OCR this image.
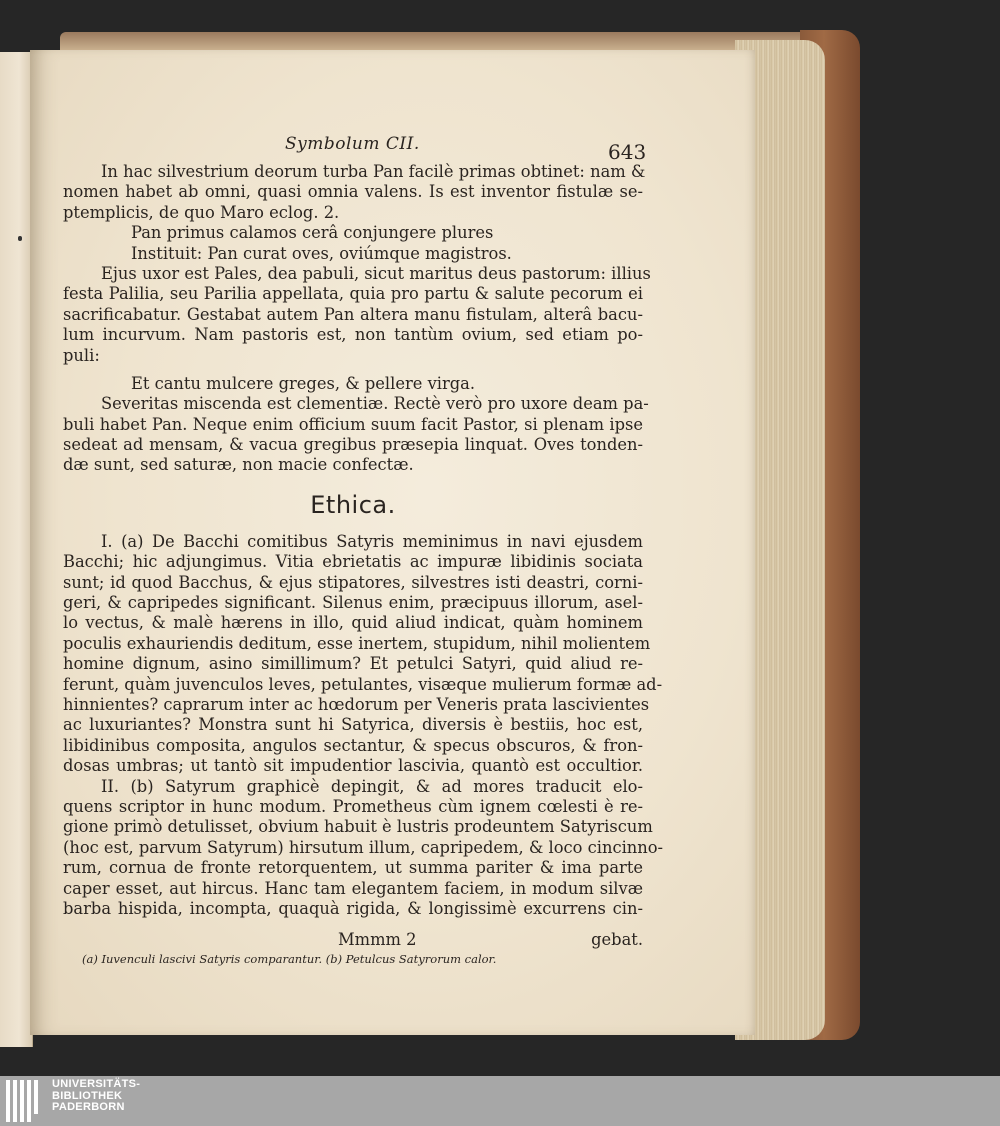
Symbolum CII.	643
In hac silvestrium deorum turba Pan facilè primas obtinet: nam &
nomen habet ab omni, quasi omnia valens. Is est inventor fistulæ se-
ptemplicis, de quo Maro eclog. 2.
Pan primus calamos cerâ conjungere plures
Instituit: Pan curat oves, oviúmque magistros.
Ejus uxor est Pales, dea pabuli, sicut maritus deus pastorum: illius
festa Palilia, seu Parilia appellata, quia pro partu & salute pecorum ei
sacrificabatur. Gestabat autem Pan altera manu fistulam, alterâ bacu-
lum incurvum. Nam pastoris est, non tantùm ovium, sed etiam po-
puli:
Et cantu mulcere greges, & pellere virga.
Severitas miscenda est clementiæ. Rectè verò pro uxore deam pa-
buli habet Pan. Neque enim officium suum facit Pastor, si plenam ipse
sedeat ad mensam, & vacua gregibus præsepia linquat. Oves tonden-
dæ sunt, sed saturæ, non macie confectæ.
Ethica.
I. (a) De Bacchi comitibus Satyris meminimus in navi ejusdem
Bacchi; hic adjungimus. Vitia ebrietatis ac impuræ libidinis sociata
sunt; id quod Bacchus, & ejus stipatores, silvestres isti deastri, corni-
geri, & capripedes significant. Silenus enim, præcipuus illorum, asel-
lo vectus, & malè hærens in illo, quid aliud indicat, quàm hominem
poculis exhauriendis deditum, esse inertem, stupidum, nihil molientem
homine dignum, asino simillimum? Et petulci Satyri, quid aliud re-
ferunt, quàm juvenculos leves, petulantes, visæque mulierum formæ ad-
hinnientes? caprarum inter ac hœdorum per Veneris prata lascivientes
ac luxuriantes? Monstra sunt hi Satyrica, diversis è bestiis, hoc est,
libidinibus composita, angulos sectantur, & specus obscuros, & fron-
dosas umbras; ut tantò sit impudentior lascivia, quantò est occultior.
II. (b) Satyrum graphicè depingit, & ad mores traducit elo-
quens scriptor in hunc modum. Prometheus cùm ignem cœlesti è re-
gione primò detulisset, obvium habuit è lustris prodeuntem Satyriscum
(hoc est, parvum Satyrum) hirsutum illum, capripedem, & loco cincinno-
rum, cornua de fronte retorquentem, ut summa pariter & ima parte
caper esset, aut hircus. Hanc tam elegantem faciem, in modum silvæ
barba hispida, incompta, quaquà rigida, & longissimè excurrens cin-
Mmmm 2	gebat.
(a) Iuvenculi lascivi Satyris comparantur. (b) Petulcus Satyrorum calor.
UNIVERSITÄTS-
BIBLIOTHEK
PADERBORN
